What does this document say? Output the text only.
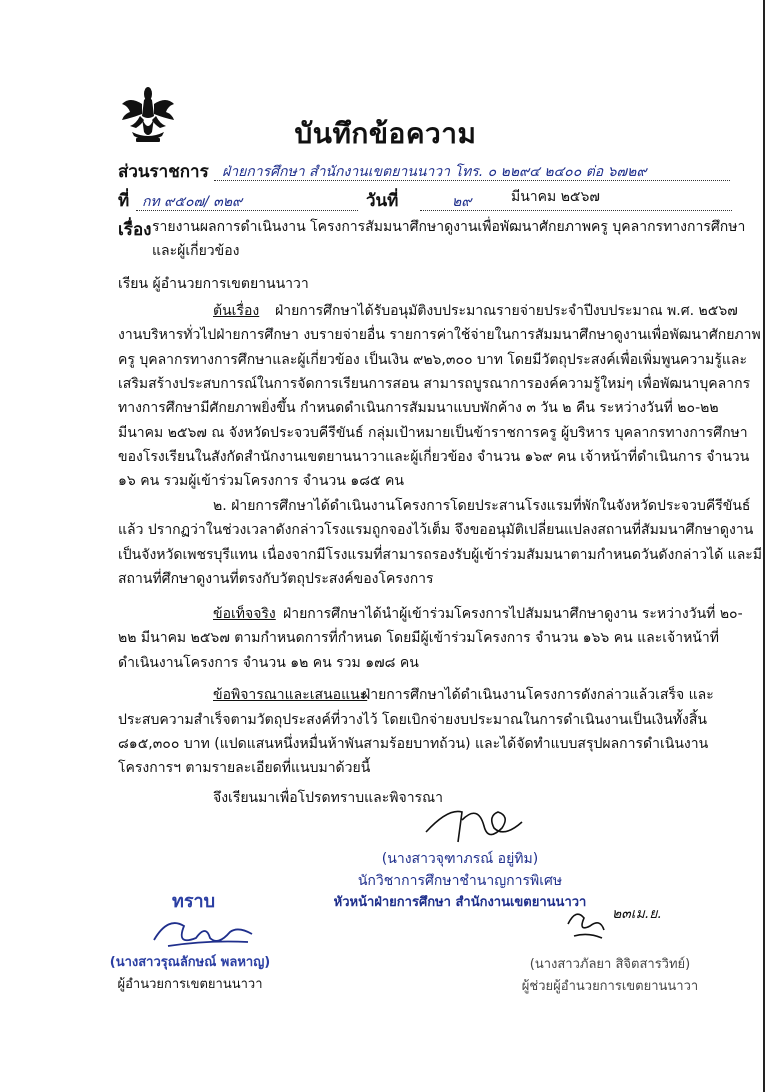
บันทึกข้อความ
ส่วนราชการ ฝ่ายการศึกษา สำนักงานเขตยานนาวา โทร. ๐ ๒๒๙๔ ๒๔๐๐ ต่อ ๖๗๒๙
ที่ กท ๙๕๐๗/ ๓๒๙	วันที่	๒๙	มีนาคม ๒๕๖๗
เรื่อง รายงานผลการดำเนินงาน โครงการสัมมนาศึกษาดูงานเพื่อพัฒนาศักยภาพครู บุคลากรทางการศึกษา
และผู้เกี่ยวข้อง
เรียน ผู้อำนวยการเขตยานนาวา
ต้นเรื่อง ฝ่ายการศึกษาได้รับอนุมัติงบประมาณรายจ่ายประจำปีงบประมาณ พ.ศ. ๒๕๖๗
งานบริหารทั่วไปฝ่ายการศึกษา งบรายจ่ายอื่น รายการค่าใช้จ่ายในการสัมมนาศึกษาดูงานเพื่อพัฒนาศักยภาพ
ครู บุคลากรทางการศึกษาและผู้เกี่ยวข้อง เป็นเงิน ๙๒๖,๓๐๐ บาท โดยมีวัตถุประสงค์เพื่อเพิ่มพูนความรู้และ
เสริมสร้างประสบการณ์ในการจัดการเรียนการสอน สามารถบูรณาการองค์ความรู้ใหม่ๆ เพื่อพัฒนาบุคลากร
ทางการศึกษามีศักยภาพยิ่งขึ้น กำหนดดำเนินการสัมมนาแบบพักค้าง ๓ วัน ๒ คืน ระหว่างวันที่ ๒๐-๒๒
มีนาคม ๒๕๖๗ ณ จังหวัดประจวบคีรีขันธ์ กลุ่มเป้าหมายเป็นข้าราชการครู ผู้บริหาร บุคลากรทางการศึกษา
ของโรงเรียนในสังกัดสำนักงานเขตยานนาวาและผู้เกี่ยวข้อง จำนวน ๑๖๙ คน เจ้าหน้าที่ดำเนินการ จำนวน
๑๖ คน รวมผู้เข้าร่วมโครงการ จำนวน ๑๘๕ คน
๒. ฝ่ายการศึกษาได้ดำเนินงานโครงการโดยประสานโรงแรมที่พักในจังหวัดประจวบคีรีขันธ์
แล้ว ปรากฏว่าในช่วงเวลาดังกล่าวโรงแรมถูกจองไว้เต็ม จึงขออนุมัติเปลี่ยนแปลงสถานที่สัมมนาศึกษาดูงาน
เป็นจังหวัดเพชรบุรีแทน เนื่องจากมีโรงแรมที่สามารถรองรับผู้เข้าร่วมสัมมนาตามกำหนดวันดังกล่าวได้ และมี
สถานที่ศึกษาดูงานที่ตรงกับวัตถุประสงค์ของโครงการ
ข้อเท็จจริง ฝ่ายการศึกษาได้นำผู้เข้าร่วมโครงการไปสัมมนาศึกษาดูงาน ระหว่างวันที่ ๒๐-
๒๒ มีนาคม ๒๕๖๗ ตามกำหนดการที่กำหนด โดยมีผู้เข้าร่วมโครงการ จำนวน ๑๖๖ คน และเจ้าหน้าที่
ดำเนินงานโครงการ จำนวน ๑๒ คน รวม ๑๗๘ คน
ข้อพิจารณาและเสนอแนะ
ฝ่ายการศึกษาได้ดำเนินงานโครงการดังกล่าวแล้วเสร็จ และ
ประสบความสำเร็จตามวัตถุประสงค์ที่วางไว้ โดยเบิกจ่ายงบประมาณในการดำเนินงานเป็นเงินทั้งสิ้น
๘๑๕,๓๐๐ บาท (แปดแสนหนึ่งหมื่นห้าพันสามร้อยบาทถ้วน) และได้จัดทำแบบสรุปผลการดำเนินงาน
โครงการฯ ตามรายละเอียดที่แนบมาด้วยนี้
จึงเรียนมาเพื่อโปรดทราบและพิจารณา
(นางสาวจุฑาภรณ์ อยู่ทิม)
นักวิชาการศึกษาชำนาญการพิเศษ
หัวหน้าฝ่ายการศึกษา สำนักงานเขตยานนาวา
ทราบ
(นางสาวรุณลักษณ์ พลหาญ)
ผู้อำนวยการเขตยานนาวา
๒๓เม.ย.
(นางสาวภัลยา สิจิตสารวิทย์)
ผู้ช่วยผู้อำนวยการเขตยานนาวา
